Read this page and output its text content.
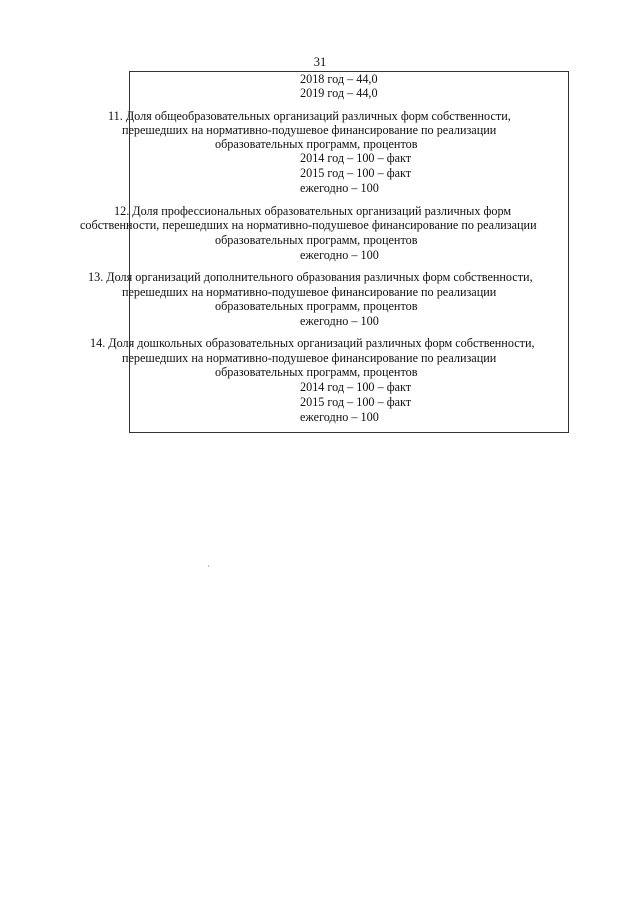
31
2018 год – 44,0
2019 год – 44,0
11. Доля общеобразовательных организаций различных форм собственности,
перешедших на нормативно-подушевое финансирование по реализации
образовательных программ, процентов
2014 год – 100 – факт
2015 год – 100 – факт
ежегодно – 100
12. Доля профессиональных образовательных организаций различных форм
собственности, перешедших на нормативно-подушевое финансирование по реализации
образовательных программ, процентов
ежегодно – 100
13. Доля организаций дополнительного образования различных форм собственности,
перешедших на нормативно-подушевое финансирование по реализации
образовательных программ, процентов
ежегодно – 100
14. Доля дошкольных образовательных организаций различных форм собственности,
перешедших на нормативно-подушевое финансирование по реализации
образовательных программ, процентов
2014 год – 100 – факт
2015 год – 100 – факт
ежегодно – 100
